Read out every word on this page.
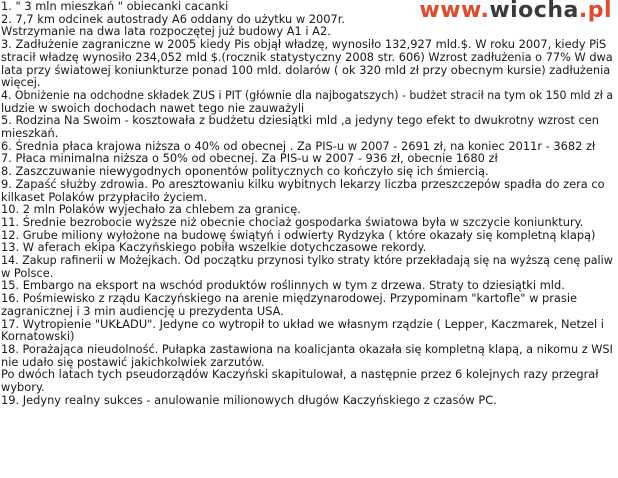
www.wiocha.pl
1. " 3 mln mieszkań " obiecanki cacanki
2. 7,7 km odcinek autostrady A6 oddany do użytku w 2007r.
Wstrzymanie na dwa lata rozpoczętej już budowy A1 i A2.
3. Zadłużenie zagraniczne w 2005 kiedy Pis objął władzę, wynosiło 132,927 mld.$. W roku 2007, kiedy PiS
stracił władzę wynosiło 234,052 mld $.(rocznik statystyczny 2008 str. 606) Wzrost zadłużenia o 77% W dwa
lata przy światowej koniunkturze ponad 100 mld. dolarów ( ok 320 mld zł przy obecnym kursie) zadłużenia
więcej.
4. Obniżenie na odchodne składek ZUS i PIT (głównie dla najbogatszych) - budżet stracił na tym ok 150 mld zł a
ludzie w swoich dochodach nawet tego nie zauważyli
5. Rodzina Na Swoim - kosztowała z budżetu dziesiątki mld ,a jedyny tego efekt to dwukrotny wzrost cen
mieszkań.
6. Średnia płaca krajowa niższa o 40% od obecnej . Za PIS-u w 2007 - 2691 zł, na koniec 2011r - 3682 zł
7. Płaca minimalna niższa o 50% od obecnej. Za PIS-u w 2007 - 936 zł, obecnie 1680 zł
8. Zaszczuwanie niewygodnych oponentów politycznych co kończyło się ich śmiercią.
9. Zapaść służby zdrowia. Po aresztowaniu kilku wybitnych lekarzy liczba przeszczepów spadła do zera co
kilkaset Polaków przypłaciło życiem.
10. 2 mln Polaków wyjechało za chlebem za granicę.
11. Średnie bezrobocie wyższe niż obecnie chociaż gospodarka światowa była w szczycie koniunktury.
12. Grube miliony wyłożone na budowę świątyń i odwierty Rydzyka ( które okazały się kompletną klapą)
13. W aferach ekipa Kaczyńskiego pobiła wszelkie dotychczasowe rekordy.
14. Zakup rafinerii w Możejkach. Od początku przynosi tylko straty które przekładają się na wyższą cenę paliw
w Polsce.
15. Embargo na eksport na wschód produktów roślinnych w tym z drzewa. Straty to dziesiątki mld.
16. Pośmiewisko z rządu Kaczyńskiego na arenie międzynarodowej. Przypominam "kartofle" w prasie
zagranicznej i 3 min audiencję u prezydenta USA.
17. Wytropienie "UKŁADU". Jedyne co wytropił to układ we własnym rządzie ( Lepper, Kaczmarek, Netzel i
Kornatowski)
18. Porażająca nieudolność. Pułapka zastawiona na koalicjanta okazała się kompletną klapą, a nikomu z WSI
nie udało się postawić jakichkolwiek zarzutów.
Po dwóch latach tych pseudorządów Kaczyński skapitulował, a następnie przez 6 kolejnych razy przegrał
wybory.
19. Jedyny realny sukces - anulowanie milionowych długów Kaczyńskiego z czasów PC.
